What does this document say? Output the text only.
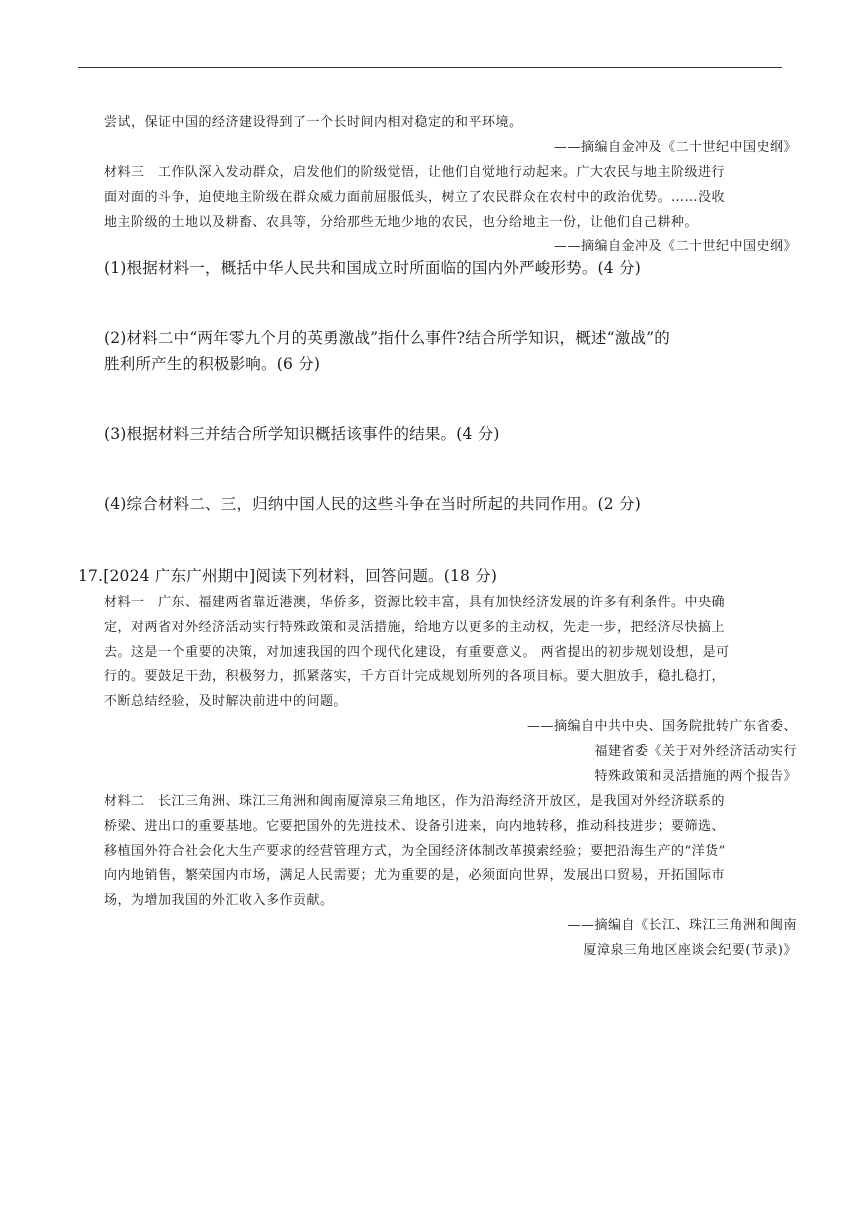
尝试，保证中国的经济建设得到了一个长时间内相对稳定的和平环境。
——摘编自金冲及《二十世纪中国史纲》
材料三　工作队深入发动群众，启发他们的阶级觉悟，让他们自觉地行动起来。广大农民与地主阶级进行
面对面的斗争，迫使地主阶级在群众威力面前屈服低头，树立了农民群众在农村中的政治优势。……没收
地主阶级的土地以及耕畜、农具等，分给那些无地少地的农民，也分给地主一份，让他们自己耕种。
——摘编自金冲及《二十世纪中国史纲》
(1)根据材料一，概括中华人民共和国成立时所面临的国内外严峻形势。(4 分)
(2)材料二中“两年零九个月的英勇激战”指什么事件?结合所学知识，概述“激战”的
胜利所产生的积极影响。(6 分)
(3)根据材料三并结合所学知识概括该事件的结果。(4 分)
(4)综合材料二、三，归纳中国人民的这些斗争在当时所起的共同作用。(2 分)
17.[2024 广东广州期中]阅读下列材料，回答问题。(18 分)
材料一　广东、福建两省靠近港澳，华侨多，资源比较丰富，具有加快经济发展的许多有利条件。中央确
定，对两省对外经济活动实行特殊政策和灵活措施，给地方以更多的主动权，先走一步，把经济尽快搞上
去。这是一个重要的决策，对加速我国的四个现代化建设，有重要意义。 两省提出的初步规划设想，是可
行的。要鼓足干劲，积极努力，抓紧落实，千方百计完成规划所列的各项目标。要大胆放手，稳扎稳打，
不断总结经验，及时解决前进中的问题。
——摘编自中共中央、国务院批转广东省委、
福建省委《关于对外经济活动实行
特殊政策和灵活措施的两个报告》
材料二　长江三角洲、珠江三角洲和闽南厦漳泉三角地区，作为沿海经济开放区，是我国对外经济联系的
桥梁、进出口的重要基地。它要把国外的先进技术、设备引进来，向内地转移，推动科技进步；要筛选、
移植国外符合社会化大生产要求的经营管理方式，为全国经济体制改革摸索经验；要把沿海生产的“洋货”
向内地销售，繁荣国内市场，满足人民需要；尤为重要的是，必须面向世界，发展出口贸易，开拓国际市
场，为增加我国的外汇收入多作贡献。
——摘编自《长江、珠江三角洲和闽南
厦漳泉三角地区座谈会纪要(节录)》
